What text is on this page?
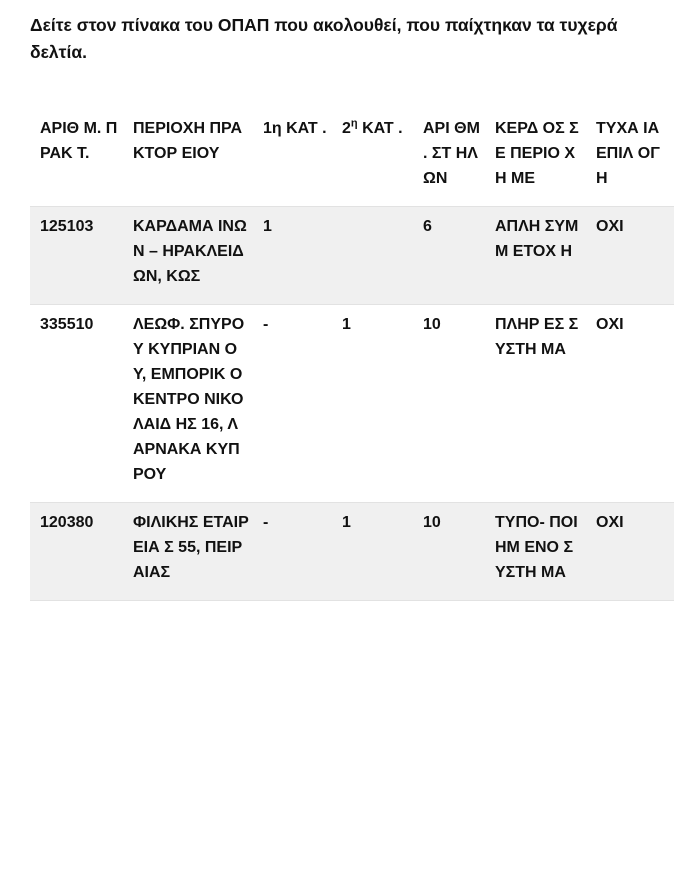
Δείτε στον πίνακα του ΟΠΑΠ που ακολουθεί, που παίχτηκαν τα τυχερά δελτία.

ΑΡΙΘ Μ. ΠΡΑΚ Τ.	ΠΕΡΙΟΧΗ ΠΡΑΚΤΟΡ ΕΙΟΥ	1η ΚΑΤ .	$2^\eta$ ΚΑΤ .	ΑΡΙ ΘΜ . ΣΤ ΗΛ ΩΝ	ΚΕΡΔ ΟΣ ΣΕ ΠΕΡΙΟ ΧΗ ΜΕ	ΤΥΧΑ ΙΑ ΕΠΙΛ ΟΓΗ
125103	ΚΑΡΔΑΜΑ ΙΝΩΝ – ΗΡΑΚΛΕΙΔ ΩΝ, ΚΩΣ	1		6	ΑΠΛΗ ΣΥΜΜ ΕΤΟΧ Η	ΟΧΙ
335510	ΛΕΩΦ. ΣΠΥΡΟΥ ΚΥΠΡΙΑΝ ΟΥ, ΕΜΠΟΡΙΚ Ο ΚΕΝΤΡΟ ΝΙΚΟΛΑΙΔ ΗΣ 16, ΛΑΡΝΑΚΑ ΚΥΠΡΟΥ	-	1	10	ΠΛΗΡ ΕΣ ΣΥΣΤΗ ΜΑ	ΟΧΙ
120380	ΦΙΛΙΚΗΣ ΕΤΑΙΡΕΙΑ Σ 55, ΠΕΙΡΑΙΑΣ	-	1	10	ΤΥΠΟ- ΠΟΙΗΜ ΕΝΟ ΣΥΣΤΗ ΜΑ	ΟΧΙ
